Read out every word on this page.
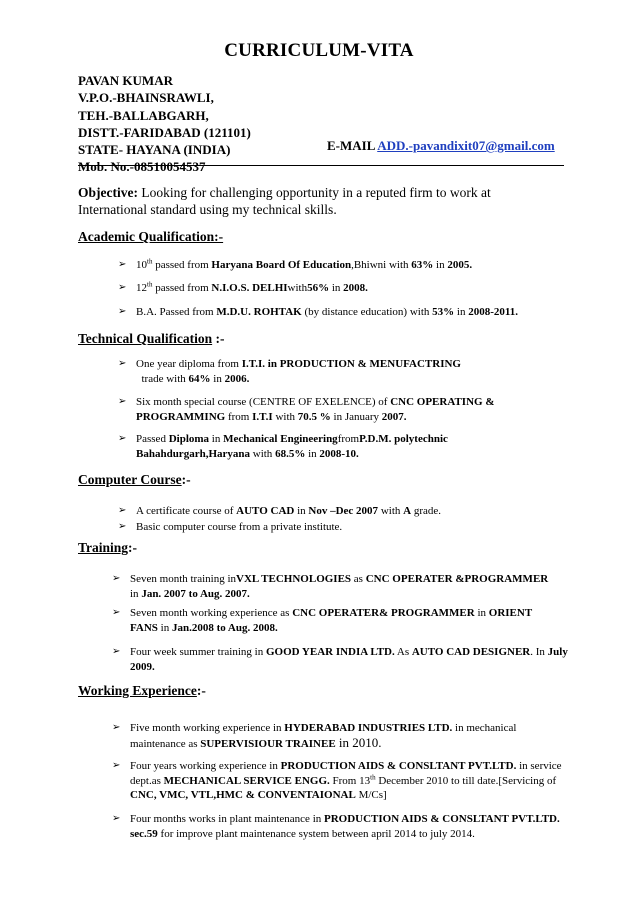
CURRICULUM-VITA
PAVAN KUMAR
V.P.O.-BHAINSRAWLI,
TEH.-BALLABGARH,
DISTT.-FARIDABAD (121101)
STATE- HAYANA (INDIA)
Mob. No.-08510054537
E-MAIL ADD.-pavandixit07@gmail.com
Objective: Looking for challenging opportunity in a reputed firm to work at International standard using my technical skills.
Academic Qualification:-
➢ 10th passed from Haryana Board Of Education,Bhiwni with 63% in 2005.
➢ 12th passed from N.I.O.S. DELHIwith56% in 2008.
➢ B.A. Passed from M.D.U. ROHTAK (by distance education) with 53% in 2008-2011.
Technical Qualification :-
➢ One year diploma from I.T.I. in PRODUCTION & MENUFACTRING
trade with 64% in 2006.
➢ Six month special course (CENTRE OF EXELENCE) of CNC OPERATING &
PROGRAMMING from I.T.I with 70.5 % in January 2007.
➢ Passed Diploma in Mechanical EngineeringfromP.D.M. polytechnic
Bahahdurgarh,Haryana with 68.5% in 2008-10.
Computer Course:-
➢ A certificate course of AUTO CAD in Nov –Dec 2007 with A grade.
➢ Basic computer course from a private institute.
Training:-
➢ Seven month training inVXL TECHNOLOGIES as CNC OPERATER &PROGRAMMER
in Jan. 2007 to Aug. 2007.
➢ Seven month working experience as CNC OPERATER& PROGRAMMER in ORIENT
FANS in Jan.2008 to Aug. 2008.
➢ Four week summer training in GOOD YEAR INDIA LTD. As AUTO CAD DESIGNER. In July
2009.
Working Experience:-
➢ Five month working experience in HYDERABAD INDUSTRIES LTD. in mechanical
maintenance as SUPERVISIOUR TRAINEE in 2010.
➢ Four years working experience in PRODUCTION AIDS & CONSLTANT PVT.LTD. in service
dept.as MECHANICAL SERVICE ENGG. From 13th December 2010 to till date.[Servicing of
CNC, VMC, VTL,HMC & CONVENTAIONAL M/Cs]
➢ Four months works in plant maintenance in PRODUCTION AIDS & CONSLTANT PVT.LTD.
sec.59 for improve plant maintenance system between april 2014 to july 2014.
